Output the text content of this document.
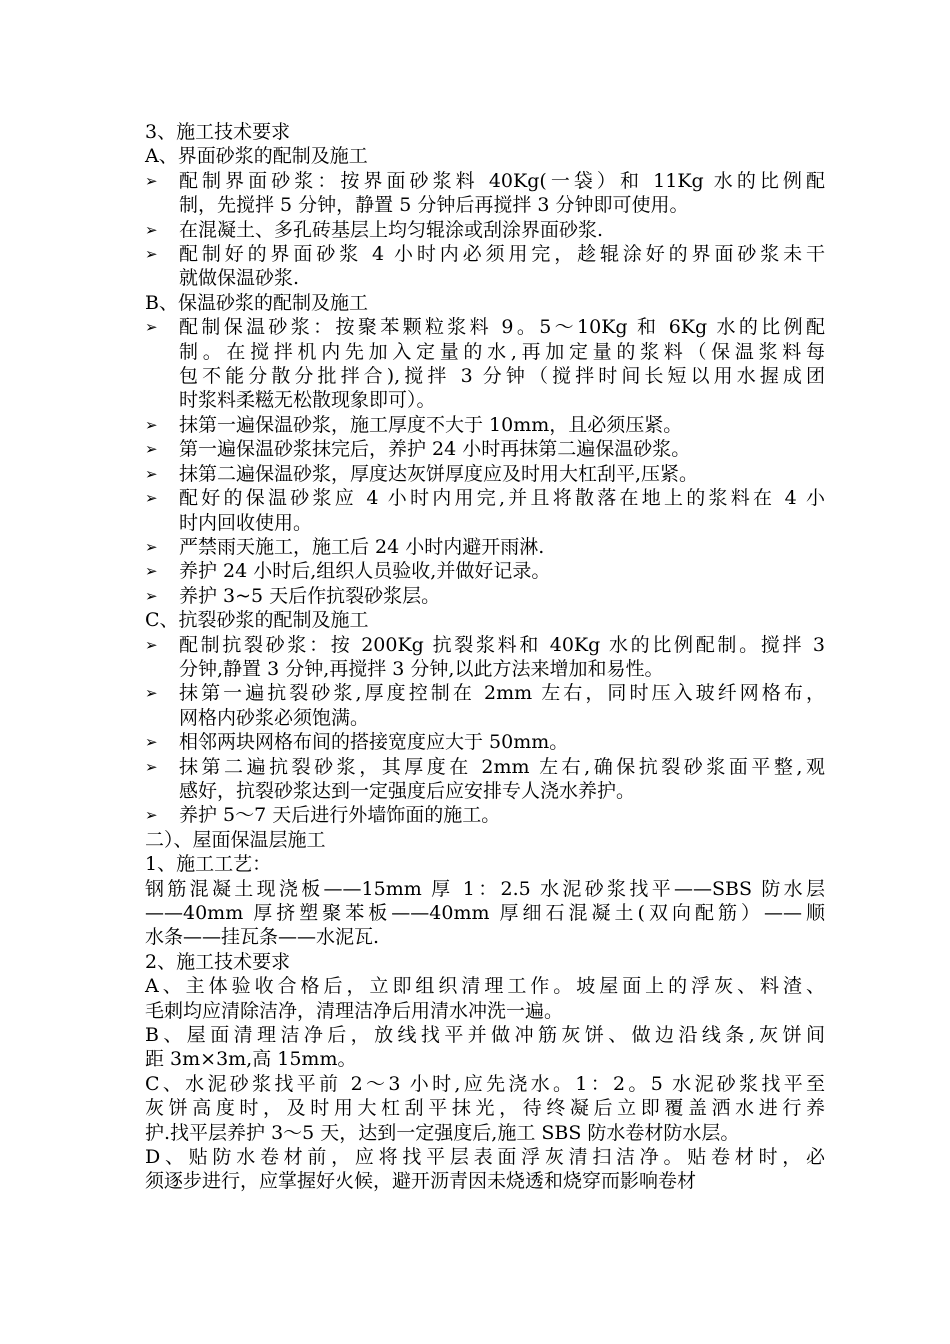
3、施工技术要求
A、界面砂浆的配制及施工
➢	配制界面砂浆：按界面砂浆料 40Kg(一袋）和 11Kg 水的比例配
制，先搅拌 5 分钟，静置 5 分钟后再搅拌 3 分钟即可使用。
➢	在混凝土、多孔砖基层上均匀辊涂或刮涂界面砂浆.
➢	配制好的界面砂浆 4 小时内必须用完，趁辊涂好的界面砂浆未干
就做保温砂浆.
B、保温砂浆的配制及施工
➢	配制保温砂浆：按聚苯颗粒浆料 9。5～10Kg 和 6Kg 水的比例配
制。在搅拌机内先加入定量的水,再加定量的浆料（保温浆料每
包不能分散分批拌合),搅拌 3 分钟（搅拌时间长短以用水握成团
时浆料柔糍无松散现象即可）。
➢	抹第一遍保温砂浆，施工厚度不大于 10mm，且必须压紧。
➢	第一遍保温砂浆抹完后，养护 24 小时再抹第二遍保温砂浆。
➢	抹第二遍保温砂浆，厚度达灰饼厚度应及时用大杠刮平,压紧。
➢	配好的保温砂浆应 4 小时内用完,并且将散落在地上的浆料在 4 小
时内回收使用。
➢	严禁雨天施工，施工后 24 小时内避开雨淋.
➢	养护 24 小时后,组织人员验收,并做好记录。
➢	养护 3~5 天后作抗裂砂浆层。
C、抗裂砂浆的配制及施工
➢	配制抗裂砂浆：按 200Kg 抗裂浆料和 40Kg 水的比例配制。搅拌 3
分钟,静置 3 分钟,再搅拌 3 分钟,以此方法来增加和易性。
➢	抹第一遍抗裂砂浆,厚度控制在 2mm 左右，同时压入玻纤网格布，
网格内砂浆必须饱满。
➢	相邻两块网格布间的搭接宽度应大于 50mm。
➢	抹第二遍抗裂砂浆，其厚度在 2mm 左右,确保抗裂砂浆面平整,观
感好，抗裂砂浆达到一定强度后应安排专人浇水养护。
➢	养护 5～7 天后进行外墙饰面的施工。
二）、屋面保温层施工
1、施工工艺：
钢筋混凝土现浇板——15mm 厚 1：2.5 水泥砂浆找平——SBS 防水层
——40mm 厚挤塑聚苯板——40mm 厚细石混凝土(双向配筋）——顺
水条——挂瓦条——水泥瓦.
2、施工技术要求
A、主体验收合格后，立即组织清理工作。坡屋面上的浮灰、料渣、
毛刺均应清除洁净，清理洁净后用清水冲洗一遍。
B、屋面清理洁净后，放线找平并做冲筋灰饼、做边沿线条,灰饼间
距 3m×3m,高 15mm。
C、水泥砂浆找平前 2～3 小时,应先浇水。1：2。5 水泥砂浆找平至
灰饼高度时，及时用大杠刮平抹光，待终凝后立即覆盖洒水进行养
护.找平层养护 3～5 天，达到一定强度后,施工 SBS 防水卷材防水层。
D、贴防水卷材前，应将找平层表面浮灰清扫洁净。贴卷材时，必
须逐步进行，应掌握好火候，避开沥青因未烧透和烧穿而影响卷材
